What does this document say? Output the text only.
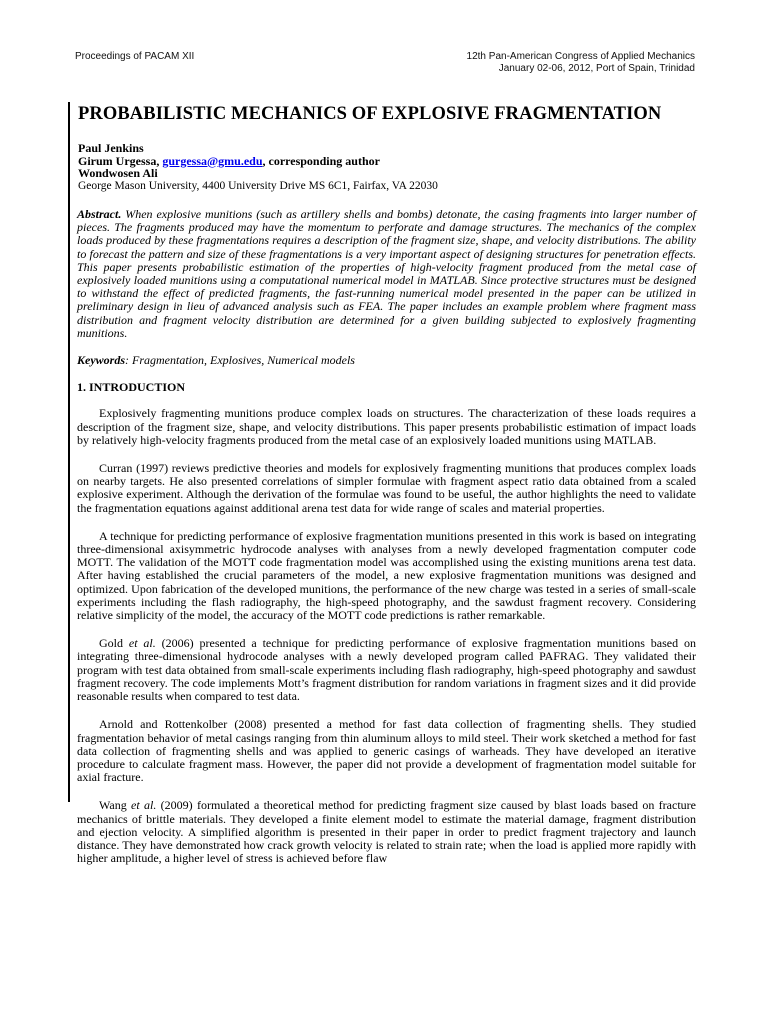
Proceedings of PACAM XII	12th Pan-American Congress of Applied Mechanics
January 02-06, 2012, Port of Spain, Trinidad
PROBABILISTIC MECHANICS OF EXPLOSIVE FRAGMENTATION
Paul Jenkins
Girum Urgessa, gurgessa@gmu.edu, corresponding author
Wondwosen Ali
George Mason University, 4400 University Drive MS 6C1, Fairfax, VA 22030

Abstract. When explosive munitions (such as artillery shells and bombs) detonate, the casing fragments into larger number of pieces. The fragments produced may have the momentum to perforate and damage structures. The mechanics of the complex loads produced by these fragmentations requires a description of the fragment size, shape, and velocity distributions. The ability to forecast the pattern and size of these fragmentations is a very important aspect of designing structures for penetration effects. This paper presents probabilistic estimation of the properties of high-velocity fragment produced from the metal case of explosively loaded munitions using a computational numerical model in MATLAB. Since protective structures must be designed to withstand the effect of predicted fragments, the fast-running numerical model presented in the paper can be utilized in preliminary design in lieu of advanced analysis such as FEA. The paper includes an example problem where fragment mass distribution and fragment velocity distribution are determined for a given building subjected to explosively fragmenting munitions.

Keywords: Fragmentation, Explosives, Numerical models

1. INTRODUCTION

Explosively fragmenting munitions produce complex loads on structures. The characterization of these loads requires a description of the fragment size, shape, and velocity distributions. This paper presents probabilistic estimation of impact loads by relatively high-velocity fragments produced from the metal case of an explosively loaded munitions using MATLAB.

Curran (1997) reviews predictive theories and models for explosively fragmenting munitions that produces complex loads on nearby targets. He also presented correlations of simpler formulae with fragment aspect ratio data obtained from a scaled explosive experiment. Although the derivation of the formulae was found to be useful, the author highlights the need to validate the fragmentation equations against additional arena test data for wide range of scales and material properties.

A technique for predicting performance of explosive fragmentation munitions presented in this work is based on integrating three-dimensional axisymmetric hydrocode analyses with analyses from a newly developed fragmentation computer code MOTT. The validation of the MOTT code fragmentation model was accomplished using the existing munitions arena test data. After having established the crucial parameters of the model, a new explosive fragmentation munitions was designed and optimized. Upon fabrication of the developed munitions, the performance of the new charge was tested in a series of small-scale experiments including the flash radiography, the high-speed photography, and the sawdust fragment recovery. Considering relative simplicity of the model, the accuracy of the MOTT code predictions is rather remarkable.

Gold et al. (2006) presented a technique for predicting performance of explosive fragmentation munitions based on integrating three-dimensional hydrocode analyses with a newly developed program called PAFRAG. They validated their program with test data obtained from small-scale experiments including flash radiography, high-speed photography and sawdust fragment recovery. The code implements Mott’s fragment distribution for random variations in fragment sizes and it did provide reasonable results when compared to test data.

Arnold and Rottenkolber (2008) presented a method for fast data collection of fragmenting shells. They studied fragmentation behavior of metal casings ranging from thin aluminum alloys to mild steel. Their work sketched a method for fast data collection of fragmenting shells and was applied to generic casings of warheads. They have developed an iterative procedure to calculate fragment mass. However, the paper did not provide a development of fragmentation model suitable for axial fracture.

Wang et al. (2009) formulated a theoretical method for predicting fragment size caused by blast loads based on fracture mechanics of brittle materials. They developed a finite element model to estimate the material damage, fragment distribution and ejection velocity. A simplified algorithm is presented in their paper in order to predict fragment trajectory and launch distance. They have demonstrated how crack growth velocity is related to strain rate; when the load is applied more rapidly with higher amplitude, a higher level of stress is achieved before flaw
